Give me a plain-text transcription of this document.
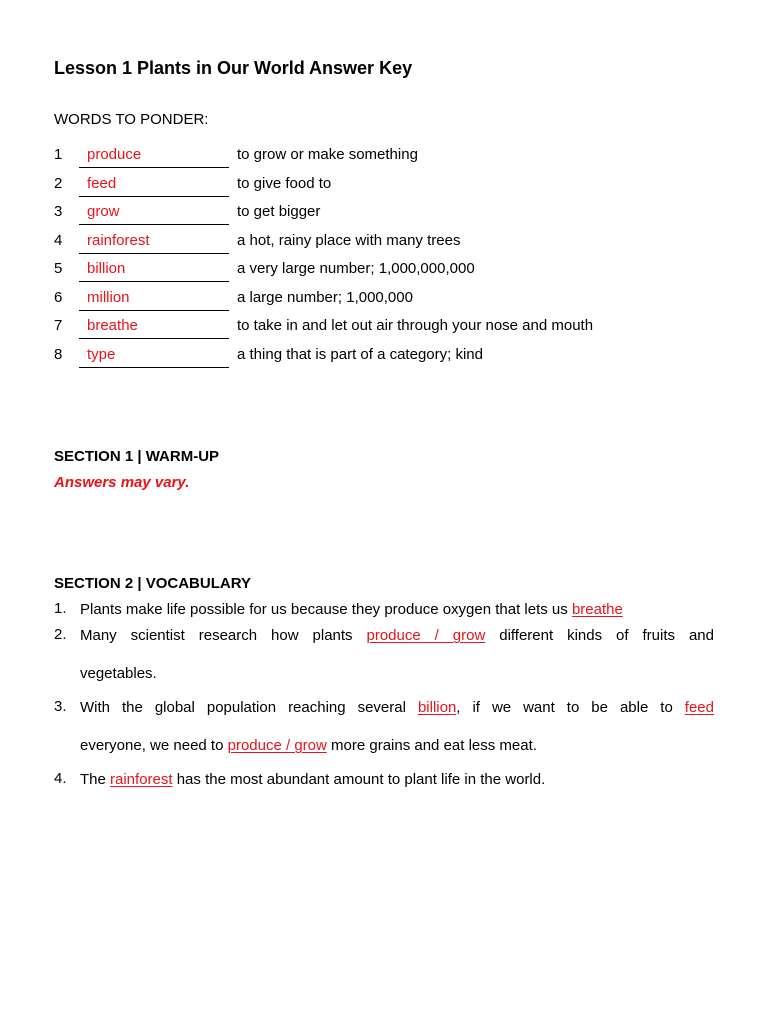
Lesson 1 Plants in Our World Answer Key
WORDS TO PONDER:
1	produce	to grow or make something
2	feed	to give food to
3	grow	to get bigger
4	rainforest	a hot, rainy place with many trees
5	billion	a very large number; 1,000,000,000
6	million	a large number; 1,000,000
7	breathe	to take in and let out air through your nose and mouth
8	type	a thing that is part of a category; kind
SECTION 1 | WARM-UP
Answers may vary.
SECTION 2 | VOCABULARY
1. Plants make life possible for us because they produce oxygen that lets us breathe
2. Many scientist research how plants produce / grow different kinds of fruits and
vegetables.
3. With the global population reaching several billion, if we want to be able to feed
everyone, we need to produce / grow more grains and eat less meat.
4. The rainforest has the most abundant amount to plant life in the world.
